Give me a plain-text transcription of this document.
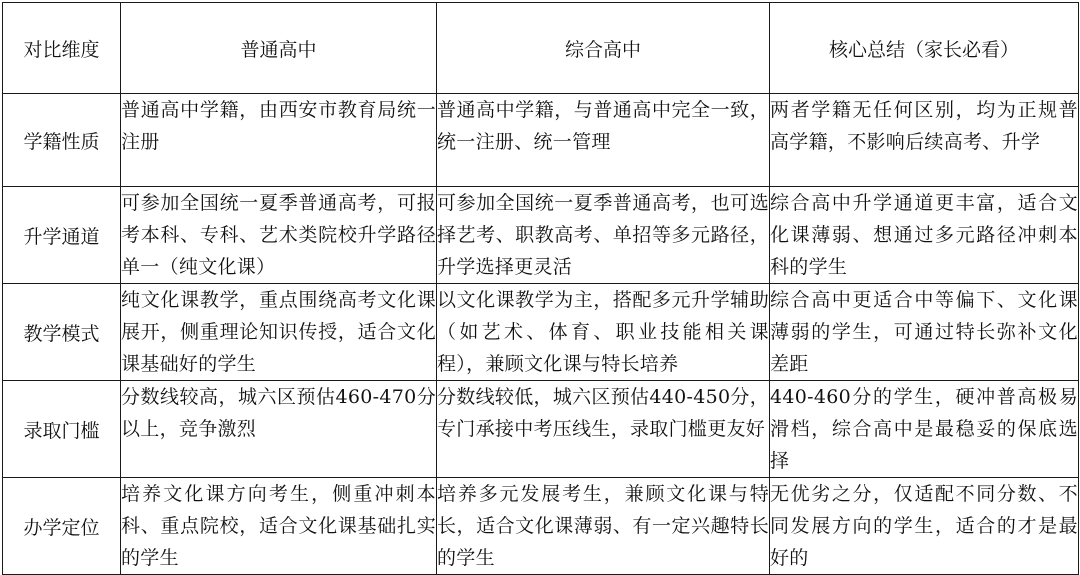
对比维度	普通高中	综合高中	核心总结（家长必看）
学籍性质	普通高中学籍，由西安市教育局统一注册	普通高中学籍，与普通高中完全一致，统一注册、统一管理	两者学籍无任何区别，均为正规普高学籍，不影响后续高考、升学
升学通道	可参加全国统一夏季普通高考，可报考本科、专科、艺术类院校升学路径单一（纯文化课）	可参加全国统一夏季普通高考，也可选择艺考、职教高考、单招等多元路径，升学选择更灵活	综合高中升学通道更丰富，适合文化课薄弱、想通过多元路径冲刺本科的学生
教学模式	纯文化课教学，重点围绕高考文化课展开，侧重理论知识传授，适合文化课基础好的学生	以文化课教学为主，搭配多元升学辅助（如艺术、体育、职业技能相关课程），兼顾文化课与特长培养	综合高中更适合中等偏下、文化课薄弱的学生，可通过特长弥补文化差距
录取门槛	分数线较高，城六区预估460-470分以上，竞争激烈	分数线较低，城六区预估440-450分，专门承接中考压线生，录取门槛更友好	440-460分的学生，硬冲普高极易滑档，综合高中是最稳妥的保底选择
办学定位	培养文化课方向考生，侧重冲刺本科、重点院校，适合文化课基础扎实的学生	培养多元发展考生，兼顾文化课与特长，适合文化课薄弱、有一定兴趣特长的学生	无优劣之分，仅适配不同分数、不同发展方向的学生，适合的才是最好的
